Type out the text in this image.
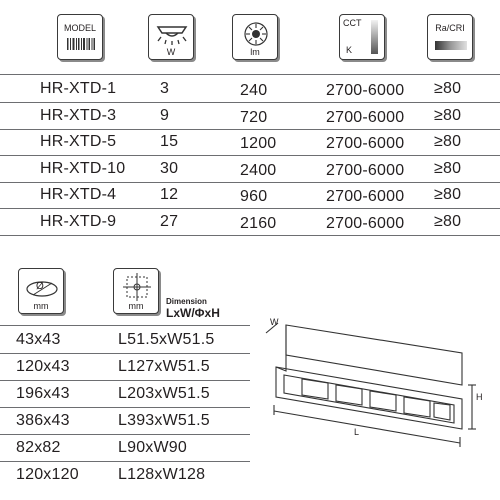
MODEL
W	lm
CCT
K
Ra/CRI
HR-XTD-1	3	240	2700-6000 ≥80
HR-XTD-3	9	720	2700-6000 ≥80
HR-XTD-5	15	1200	2700-6000 ≥80
HR-XTD-10 30	2400	2700-6000 ≥80
HR-XTD-4	12	960	2700-6000 ≥80
HR-XTD-9	27	2160	2700-6000 ≥80
Ø
mm	mm	Dimension
LxW/ΦxH
43x43	L51.5xW51.5
120x43	L127xW51.5
196x43	L203xW51.5
386x43	L393xW51.5
82x82	L90xW90
120x120 L128xW128
W
H
L
